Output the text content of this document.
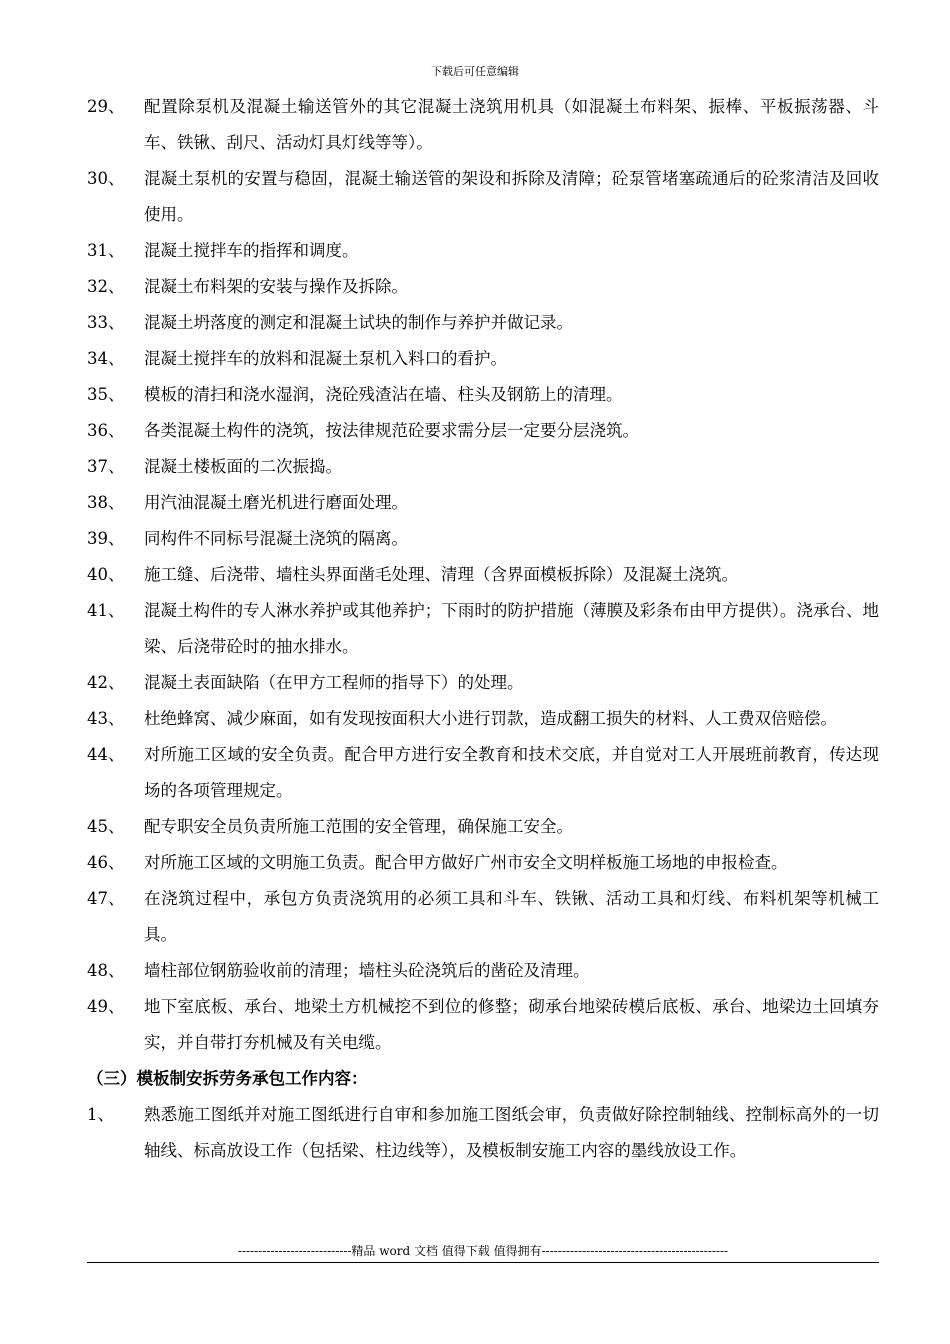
下载后可任意编辑
29、	配置除泵机及混凝土输送管外的其它混凝土浇筑用机具（如混凝土布料架、振棒、平板振荡器、斗车、铁锹、刮尺、活动灯具灯线等等）。
30、	混凝土泵机的安置与稳固，混凝土输送管的架设和拆除及清障；砼泵管堵塞疏通后的砼浆清洁及回收使用。
31、	混凝土搅拌车的指挥和调度。
32、	混凝土布料架的安装与操作及拆除。
33、	混凝土坍落度的测定和混凝土试块的制作与养护并做记录。
34、	混凝土搅拌车的放料和混凝土泵机入料口的看护。
35、	模板的清扫和浇水湿润，浇砼残渣沾在墙、柱头及钢筋上的清理。
36、	各类混凝土构件的浇筑，按法律规范砼要求需分层一定要分层浇筑。
37、	混凝土楼板面的二次振捣。
38、	用汽油混凝土磨光机进行磨面处理。
39、	同构件不同标号混凝土浇筑的隔离。
40、	施工缝、后浇带、墙柱头界面凿毛处理、清理（含界面模板拆除）及混凝土浇筑。
41、	混凝土构件的专人淋水养护或其他养护；下雨时的防护措施（薄膜及彩条布由甲方提供）。浇承台、地梁、后浇带砼时的抽水排水。
42、	混凝土表面缺陷（在甲方工程师的指导下）的处理。
43、	杜绝蜂窝、减少麻面，如有发现按面积大小进行罚款，造成翻工损失的材料、人工费双倍赔偿。
44、	对所施工区域的安全负责。配合甲方进行安全教育和技术交底，并自觉对工人开展班前教育，传达现场的各项管理规定。
45、	配专职安全员负责所施工范围的安全管理，确保施工安全。
46、	对所施工区域的文明施工负责。配合甲方做好广州市安全文明样板施工场地的申报检查。
47、	在浇筑过程中，承包方负责浇筑用的必须工具和斗车、铁锹、活动工具和灯线、布料机架等机械工具。
48、	墙柱部位钢筋验收前的清理；墙柱头砼浇筑后的凿砼及清理。
49、	地下室底板、承台、地梁土方机械挖不到位的修整；砌承台地梁砖模后底板、承台、地梁边土回填夯实，并自带打夯机械及有关电缆。
（三）模板制安拆劳务承包工作内容：
1、	熟悉施工图纸并对施工图纸进行自审和参加施工图纸会审，负责做好除控制轴线、控制标高外的一切轴线、标高放设工作（包括梁、柱边线等），及模板制安施工内容的墨线放设工作。
----------------------------精品 word 文档 值得下载 值得拥有----------------------------------------------
